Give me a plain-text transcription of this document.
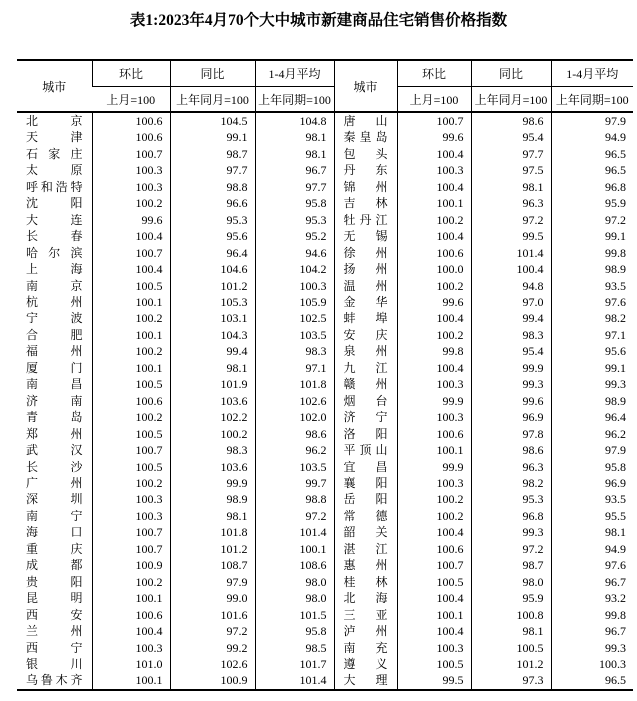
表1:2023年4月70个大中城市新建商品住宅销售价格指数
城市	环比	同比	1-4月平均	城市	环比	同比	1-4月平均
	上月=100	上年同月=100	上年同期=100		上月=100	上年同月=100	上年同期=100
北京	100.6	104.5	104.8	唐山	100.7	98.6	97.9
天津	100.6	99.1	98.1	秦皇岛	99.6	95.4	94.9
石家庄	100.7	98.7	98.1	包头	100.4	97.7	96.5
太原	100.3	97.7	96.7	丹东	100.3	97.5	96.5
呼和浩特	100.3	98.8	97.7	锦州	100.4	98.1	96.8
沈阳	100.2	96.6	95.8	吉林	100.1	96.3	95.9
大连	99.6	95.3	95.3	牡丹江	100.2	97.2	97.2
长春	100.4	95.6	95.2	无锡	100.4	99.5	99.1
哈尔滨	100.7	96.4	94.6	徐州	100.6	101.4	99.8
上海	100.4	104.6	104.2	扬州	100.0	100.4	98.9
南京	100.5	101.2	100.3	温州	100.2	94.8	93.5
杭州	100.1	105.3	105.9	金华	99.6	97.0	97.6
宁波	100.2	103.1	102.5	蚌埠	100.4	99.4	98.2
合肥	100.1	104.3	103.5	安庆	100.2	98.3	97.1
福州	100.2	99.4	98.3	泉州	99.8	95.4	95.6
厦门	100.1	98.1	97.1	九江	100.4	99.9	99.1
南昌	100.5	101.9	101.8	赣州	100.3	99.3	99.3
济南	100.6	103.6	102.6	烟台	99.9	99.6	98.9
青岛	100.2	102.2	102.0	济宁	100.3	96.9	96.4
郑州	100.5	100.2	98.6	洛阳	100.6	97.8	96.2
武汉	100.7	98.3	96.2	平顶山	100.1	98.6	97.9
长沙	100.5	103.6	103.5	宜昌	99.9	96.3	95.8
广州	100.2	99.9	99.7	襄阳	100.3	98.2	96.9
深圳	100.3	98.9	98.8	岳阳	100.2	95.3	93.5
南宁	100.3	98.1	97.2	常德	100.2	96.8	95.5
海口	100.7	101.8	101.4	韶关	100.4	99.3	98.1
重庆	100.7	101.2	100.1	湛江	100.6	97.2	94.9
成都	100.9	108.7	108.6	惠州	100.7	98.7	97.6
贵阳	100.2	97.9	98.0	桂林	100.5	98.0	96.7
昆明	100.1	99.0	98.0	北海	100.4	95.9	93.2
西安	100.6	101.6	101.5	三亚	100.1	100.8	99.8
兰州	100.4	97.2	95.8	泸州	100.4	98.1	96.7
西宁	100.3	99.2	98.5	南充	100.3	100.5	99.3
银川	101.0	102.6	101.7	遵义	100.5	101.2	100.3
乌鲁木齐	100.1	100.9	101.4	大理	99.5	97.3	96.5
